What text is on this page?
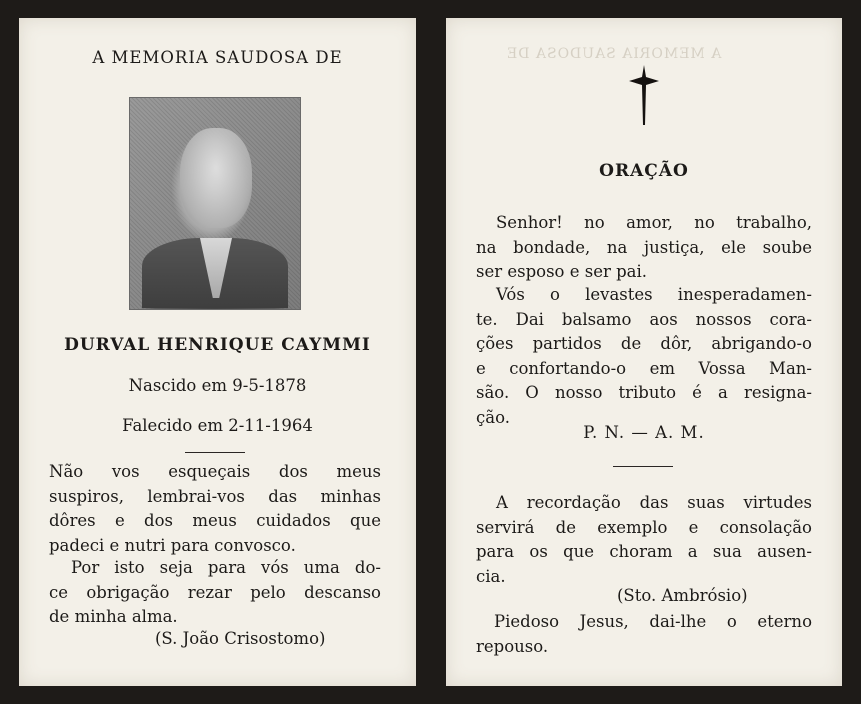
A MEMORIA SAUDOSA DE
DURVAL HENRIQUE CAYMMI
Nascido em 9-5-1878
Falecido em 2-11-1964
Não vos esqueçais dos meus
suspiros, lembrai-vos das minhas
dôres e dos meus cuidados que
padeci e nutri para convosco.
Por isto seja para vós uma do-
ce obrigação rezar pelo descanso
de minha alma.
(S. João Crisostomo)
A MEMORIA SAUDOSA DE
ORAÇÃO
Senhor! no amor, no trabalho,
na bondade, na justiça, ele soube
ser esposo e ser pai.
Vós o levastes inesperadamen-
te. Dai balsamo aos nossos cora-
ções partidos de dôr, abrigando-o
e confortando-o em Vossa Man-
são. O nosso tributo é a resigna-
ção.
P. N. — A. M.
A recordação das suas virtudes
servirá de exemplo e consolação
para os que choram a sua ausen-
cia.
(Sto. Ambrósio)
Piedoso Jesus, dai-lhe o eterno
repouso.
